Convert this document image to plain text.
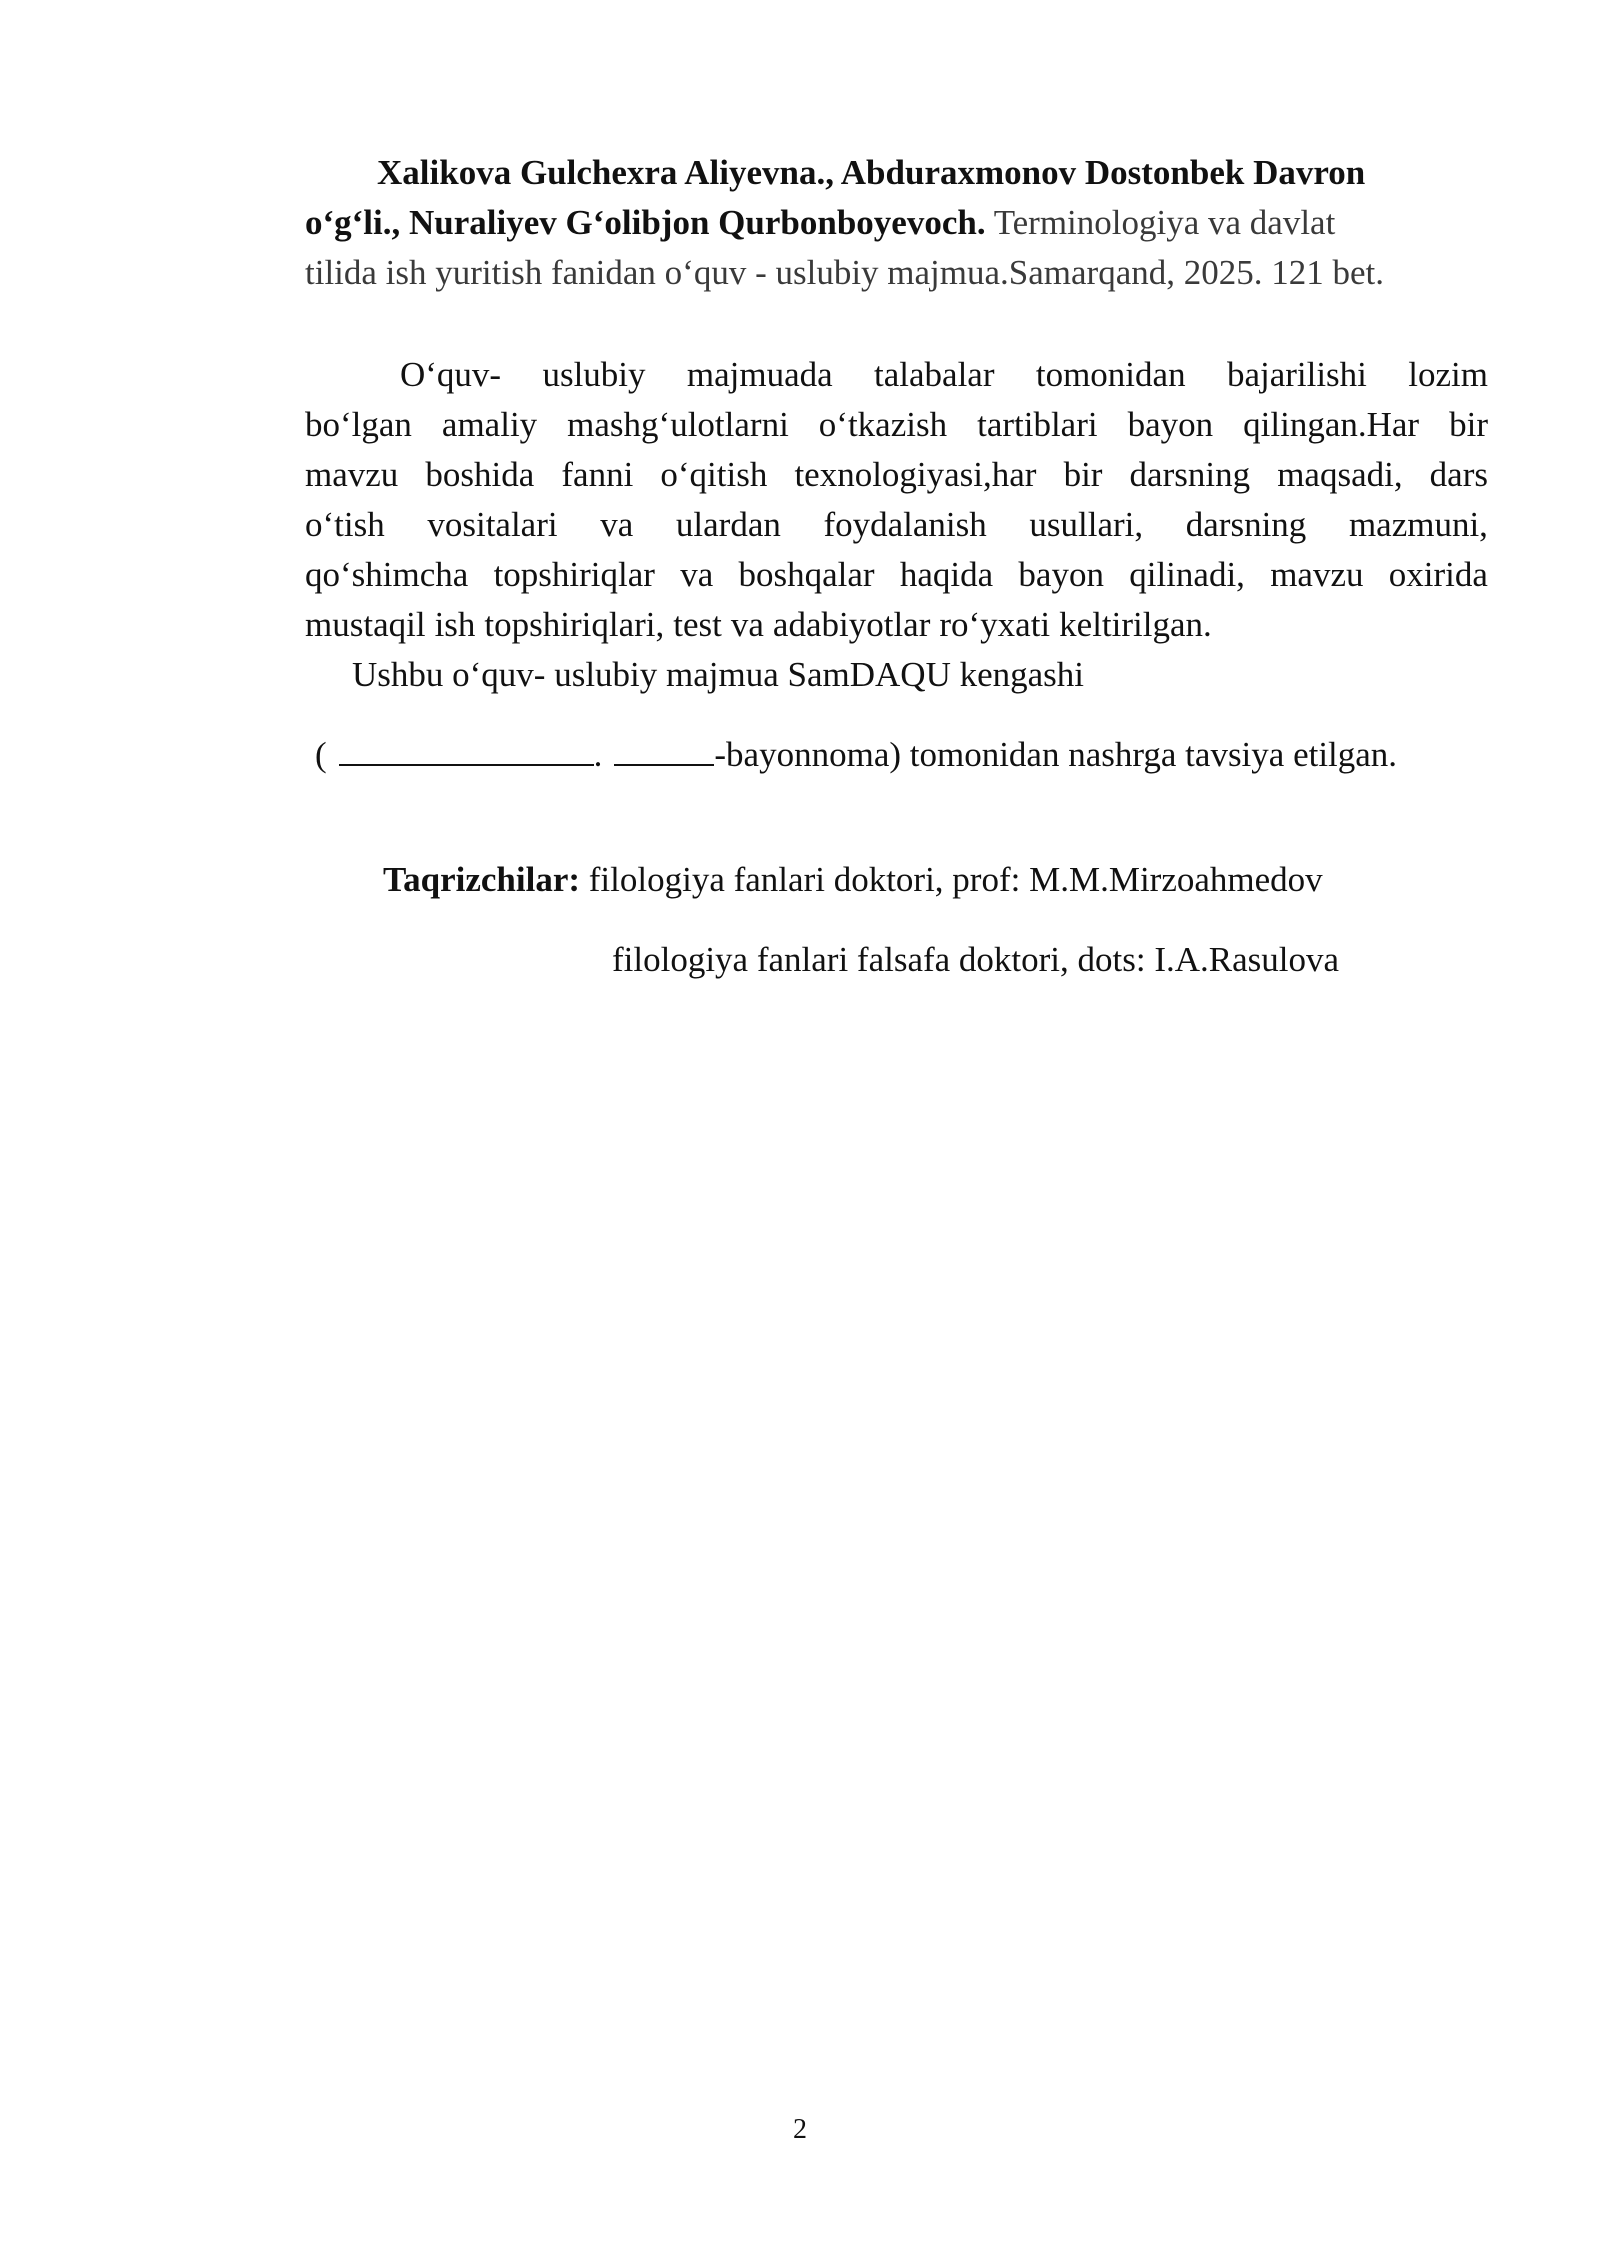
Xalikova Gulchexra Aliyevna., Abduraxmonov Dostonbek Davron
o‘g‘li., Nuraliyev G‘olibjon Qurbonboyevoch. Terminologiya va davlat
tilida ish yuritish fanidan o‘quv - uslubiy majmua.Samarqand, 2025. 121 bet.
O‘quv- uslubiy majmuada talabalar tomonidan bajarilishi lozim
bo‘lgan amaliy mashg‘ulotlarni o‘tkazish tartiblari bayon qilingan.Har bir
mavzu boshida fanni o‘qitish texnologiyasi,har bir darsning maqsadi, dars
o‘tish vositalari va ulardan foydalanish usullari, darsning mazmuni,
qo‘shimcha topshiriqlar va boshqalar haqida bayon qilinadi, mavzu oxirida
mustaqil ish topshiriqlari, test va adabiyotlar ro‘yxati keltirilgan.
Ushbu o‘quv- uslubiy majmua SamDAQU kengashi
(	.	-bayonnoma) tomonidan nashrga tavsiya etilgan.
Taqrizchilar: filologiya fanlari doktori, prof: M.M.Mirzoahmedov
filologiya fanlari falsafa doktori, dots: I.A.Rasulova
2
